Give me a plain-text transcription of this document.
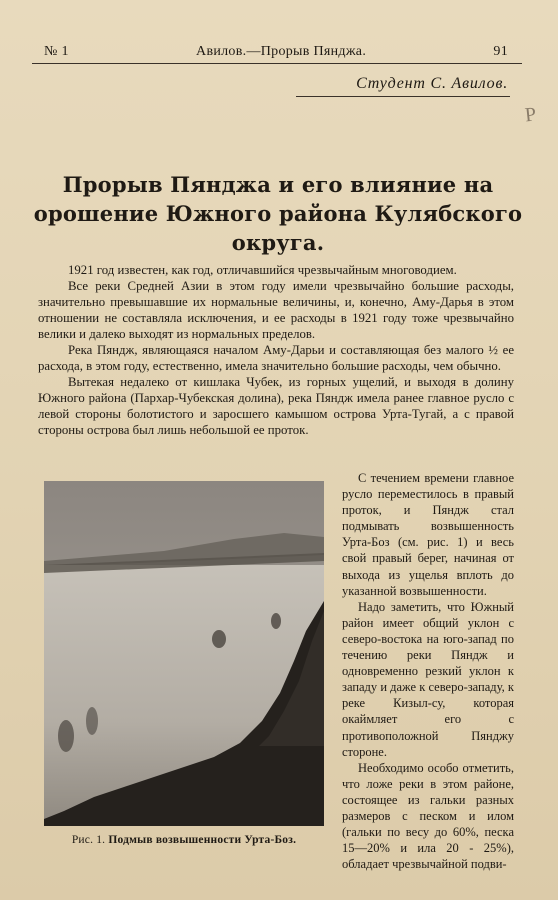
№ 1	Авилов.—Прорыв Пянджа.	91
Студент С. Авилов.
P
Прорыв Пянджа и его влияние на орошение Южного района Кулябского округа.

1921 год известен, как год, отличавшийся чрезвычайным многоводием.

Все реки Средней Азии в этом году имели чрезвычайно большие расходы, значительно превышавшие их нормальные величины, и, конечно, Аму-Дарья в этом отношении не составляла исключения, и ее расходы в 1921 году тоже чрезвычайно велики и далеко выходят из нормальных пределов.

Река Пяндж, являющаяся началом Аму-Дарьи и составляющая без малого ½ ее расхода, в этом году, естественно, имела значительно большие расходы, чем обычно.

Вытекая недалеко от кишлака Чубек, из горных ущелий, и выходя в долину Южного района (Пархар-Чубекская долина), река Пяндж имела ранее главное русло с левой стороны болотистого и заросшего камышом острова Урта-Тугай, а с правой стороны острова был лишь небольшой ее проток.

Рис. 1. Подмыв возвышенности Урта-Боз.

С течением времени главное русло переместилось в правый проток, и Пяндж стал подмывать возвышенность Урта-Боз (см. рис. 1) и весь свой правый берег, начиная от выхода из ущелья вплоть до указанной возвышенности.

Надо заметить, что Южный район имеет общий уклон с северо-востока на юго-запад по течению реки Пяндж и одновременно резкий уклон к западу и даже к северо-западу, к реке Кизыл-су, которая окаймляет его с противоположной Пянджу стороне.

Необходимо особо отметить, что ложе реки в этом районе, состоящее из гальки разных размеров с песком и илом (гальки по весу до 60%, песка 15—20% и ила 20 - 25%), обладает чрезвычайной подви-
